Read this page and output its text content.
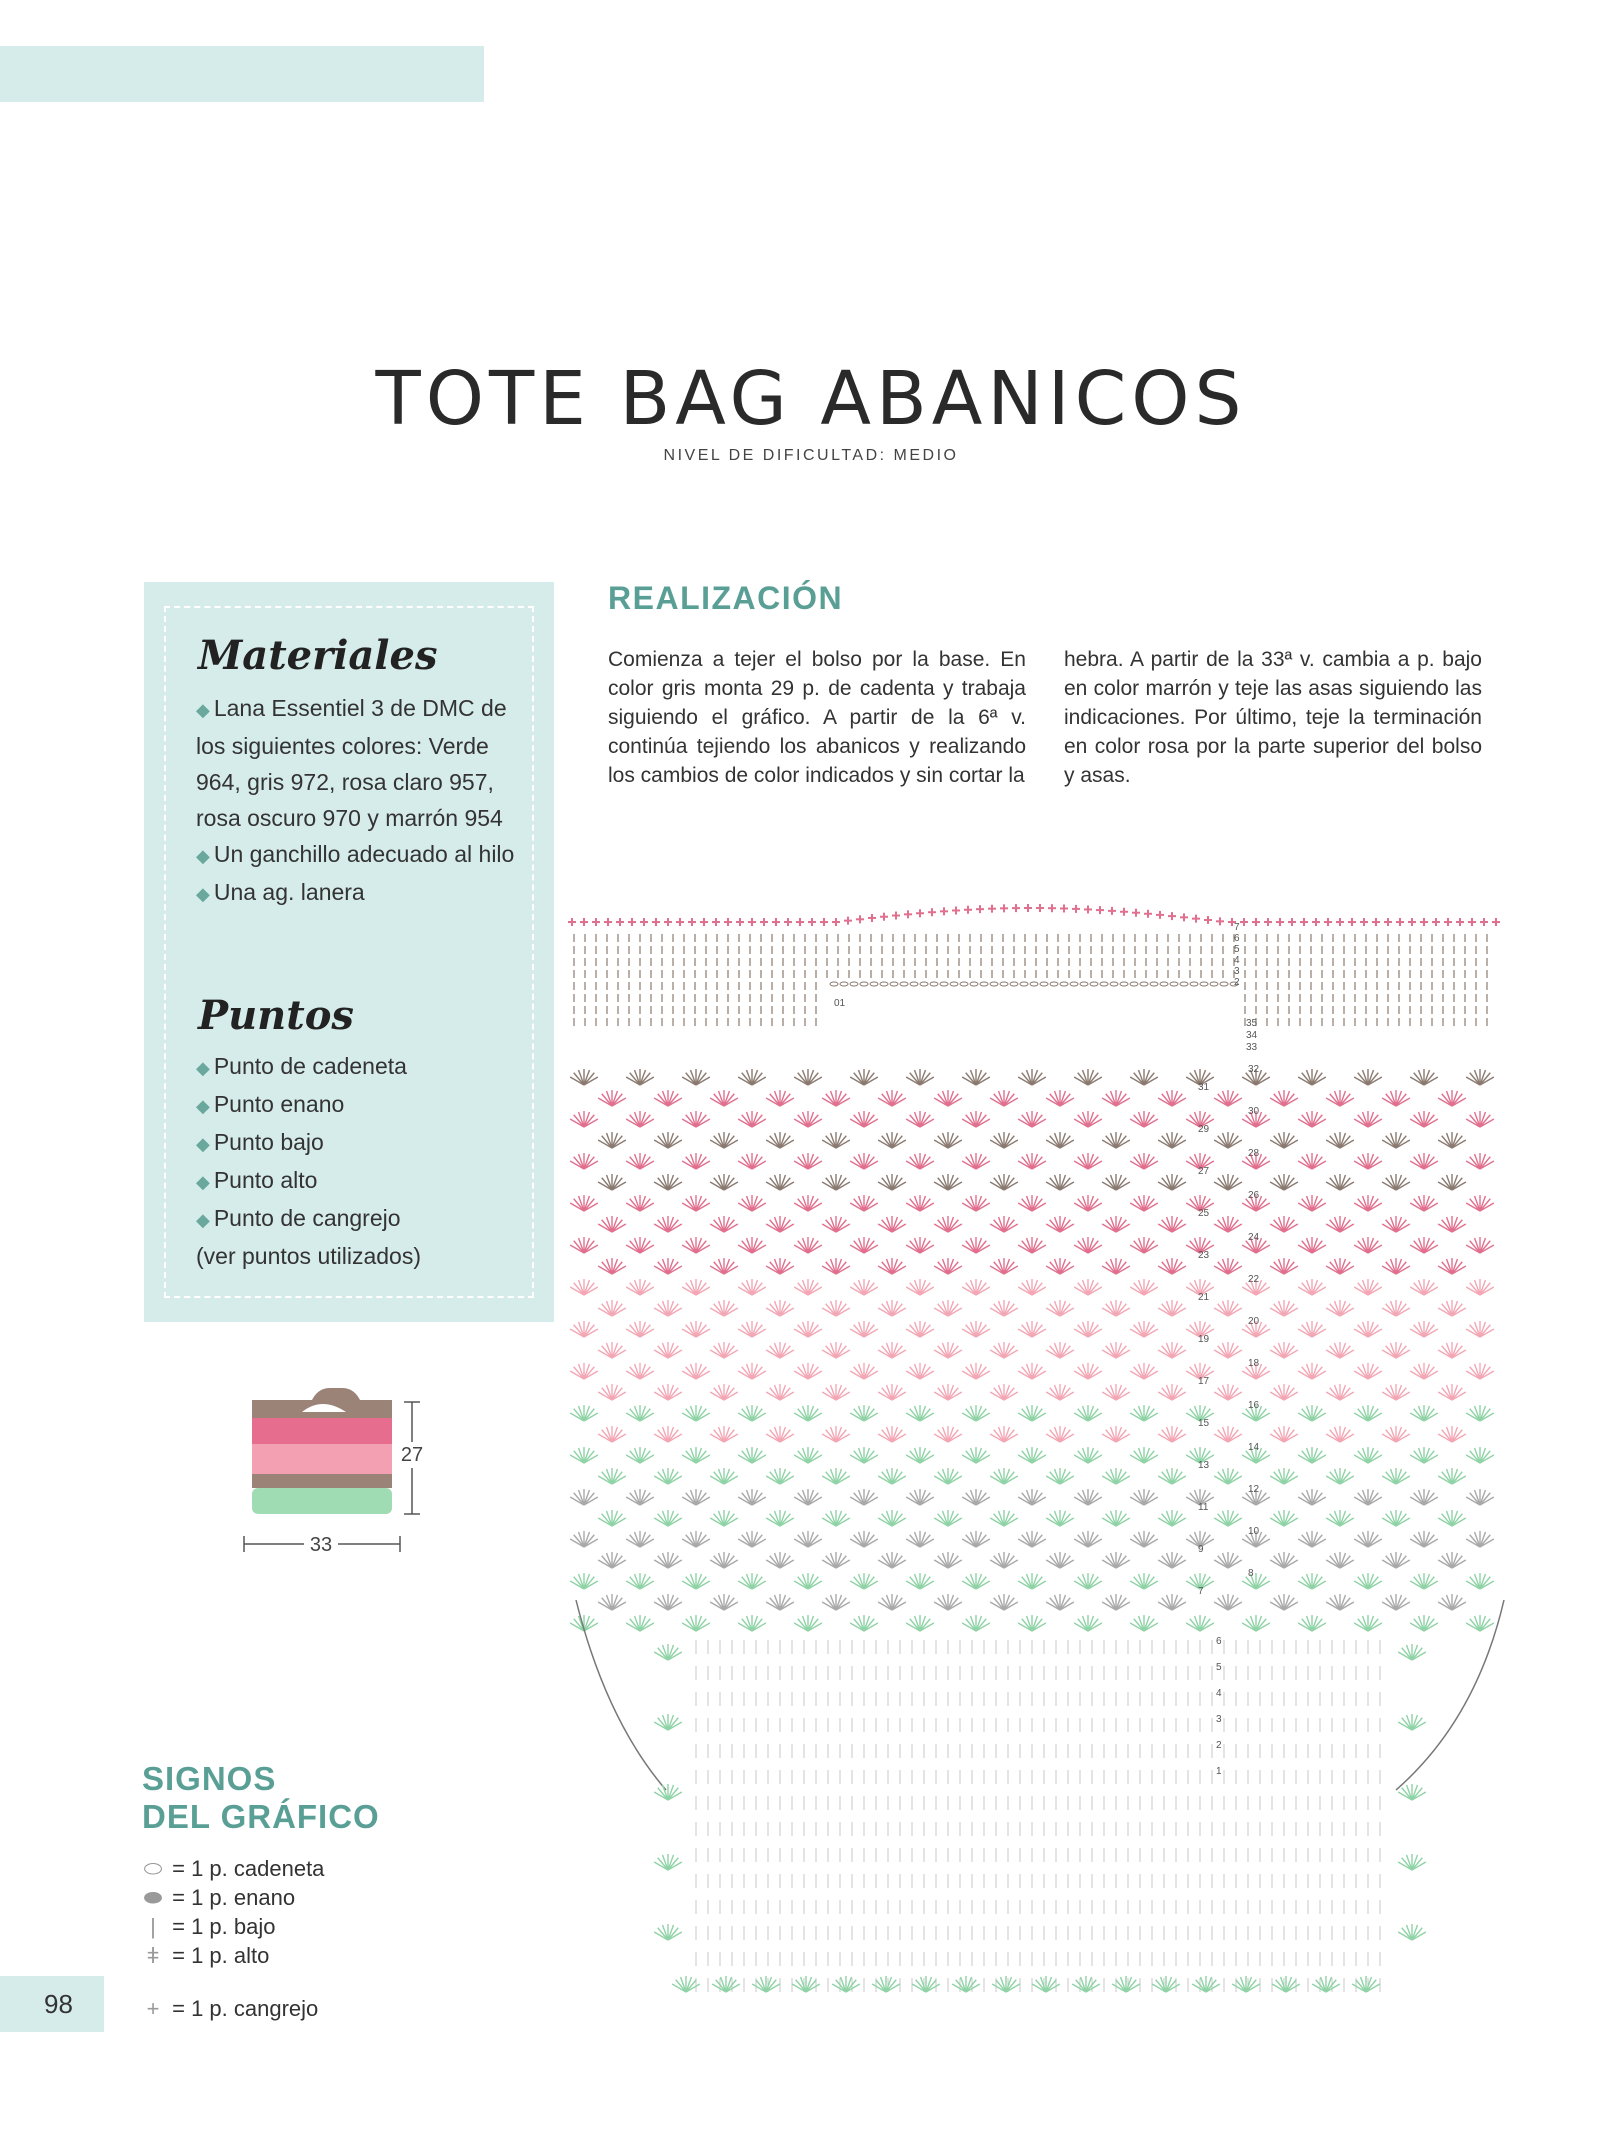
TOTE BAG ABANICOS
NIVEL DE DIFICULTAD: MEDIO
Materiales
◆ Lana Essentiel 3 de DMC de los siguientes colores: Verde 964, gris 972, rosa claro 957, rosa oscuro 970 y marrón 954
◆ Un ganchillo adecuado al hilo
◆ Una ag. lanera
Puntos
◆ Punto de cadeneta
◆ Punto enano
◆ Punto bajo
◆ Punto alto
◆ Punto de cangrejo
(ver puntos utilizados)
REALIZACIÓN

Comienza a tejer el bolso por la base. En color gris monta 29 p. de cadenta y trabaja siguiendo el gráfico. A partir de la 6ª v. continúa tejiendo los abanicos y realizando los cambios de color indicados y sin cortar la

hebra. A partir de la 33ª v. cambia a p. bajo en color marrón y teje las asas siguiendo las indicaciones. Por último, teje la terminación en color rosa por la parte superior del bolso y asas.

27
33
SIGNOS
DEL GRÁFICO
⬭ = 1 p. cadeneta
⬬ = 1 p. enano
| = 1 p. bajo
ǂ = 1 p. alto
+ = 1 p. cangrejo
98
01
7
6
5
4
3
2
35
34
33
31
29
27
25
23
21
19
17
15
13
11
9
7
32
30
28
26
24
22
20
18
16
14
12
10
8
6
5
4
3
2
1
